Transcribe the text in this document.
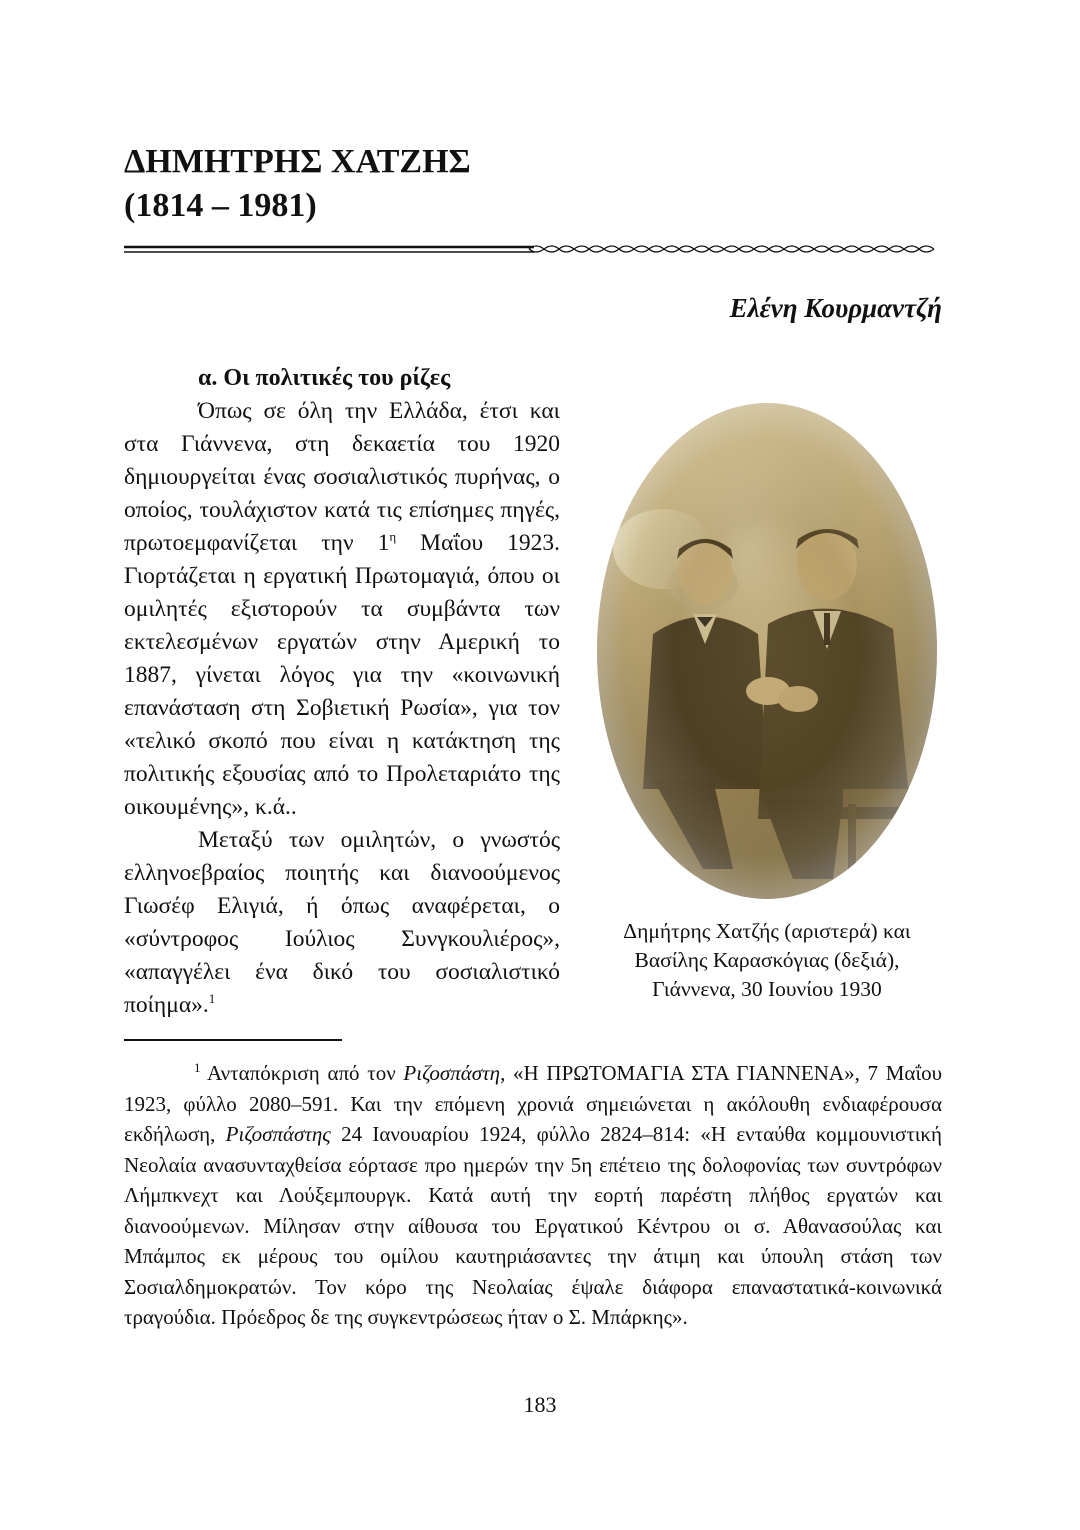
ΔΗΜΗΤΡΗΣ ΧΑΤΖΗΣ
(1814 – 1981)
Ελένη Κουρμαντζή
α. Οι πολιτικές του ρίζες

Όπως σε όλη την Ελλάδα, έτσι και στα Γιάννενα, στη δεκαετία του 1920 δημιουργείται ένας σοσιαλιστικός πυρήνας, ο οποίος, τουλάχιστον κατά τις επίσημες πηγές, πρωτοεμφανίζεται την $1^\eta$ Μαΐου 1923. Γιορτάζεται η εργατική Πρωτομαγιά, όπου οι ομιλητές εξιστορούν τα συμβάντα των εκτελεσμένων εργατών στην Αμερική το 1887, γίνεται λόγος για την «κοινωνική επανάσταση στη Σοβιετική Ρωσία», για τον «τελικό σκοπό που είναι η κατάκτηση της πολιτικής εξουσίας από το Προλεταριάτο της οικουμένης», κ.ά..

Μεταξύ των ομιλητών, ο γνωστός ελληνοεβραίος ποιητής και διανοούμενος Γιωσέφ Ελιγιά, ή όπως αναφέρεται, ο «σύντροφος Ιούλιος Συνγκουλιέρος», «απαγγέλει ένα δικό του σοσιαλιστικό ποίημα».$^1$

Δημήτρης Χατζής (αριστερά) και
Βασίλης Καρασκόγιας (δεξιά),
Γιάννενα, 30 Ιουνίου 1930

$^1$ Ανταπόκριση από τον Ριζοσπάστη, «Η ΠΡΩΤΟΜΑΓΙΑ ΣΤΑ ΓΙΑΝΝΕΝΑ», 7 Μαΐου 1923, φύλλο 2080–591. Και την επόμενη χρονιά σημειώνεται η ακόλουθη ενδιαφέρουσα εκδήλωση, Ριζοσπάστης 24 Ιανουαρίου 1924, φύλλο 2824–814: «Η ενταύθα κομμουνιστική Νεολαία ανασυνταχθείσα εόρτασε προ ημερών την 5η επέτειο της δολοφονίας των συντρόφων Λήμπκνεχτ και Λούξεμπουργκ. Κατά αυτή την εορτή παρέστη πλήθος εργατών και διανοούμενων. Μίλησαν στην αίθουσα του Εργατικού Κέντρου οι σ. Αθανασούλας και Μπάμπος εκ μέρους του ομίλου καυτηριάσαντες την άτιμη και ύπουλη στάση των Σοσιαλδημοκρατών. Τον κόρο της Νεολαίας έψαλε διάφορα επαναστατικά-κοινωνικά τραγούδια. Πρόεδρος δε της συγκεντρώσεως ήταν ο Σ. Μπάρκης».

183
